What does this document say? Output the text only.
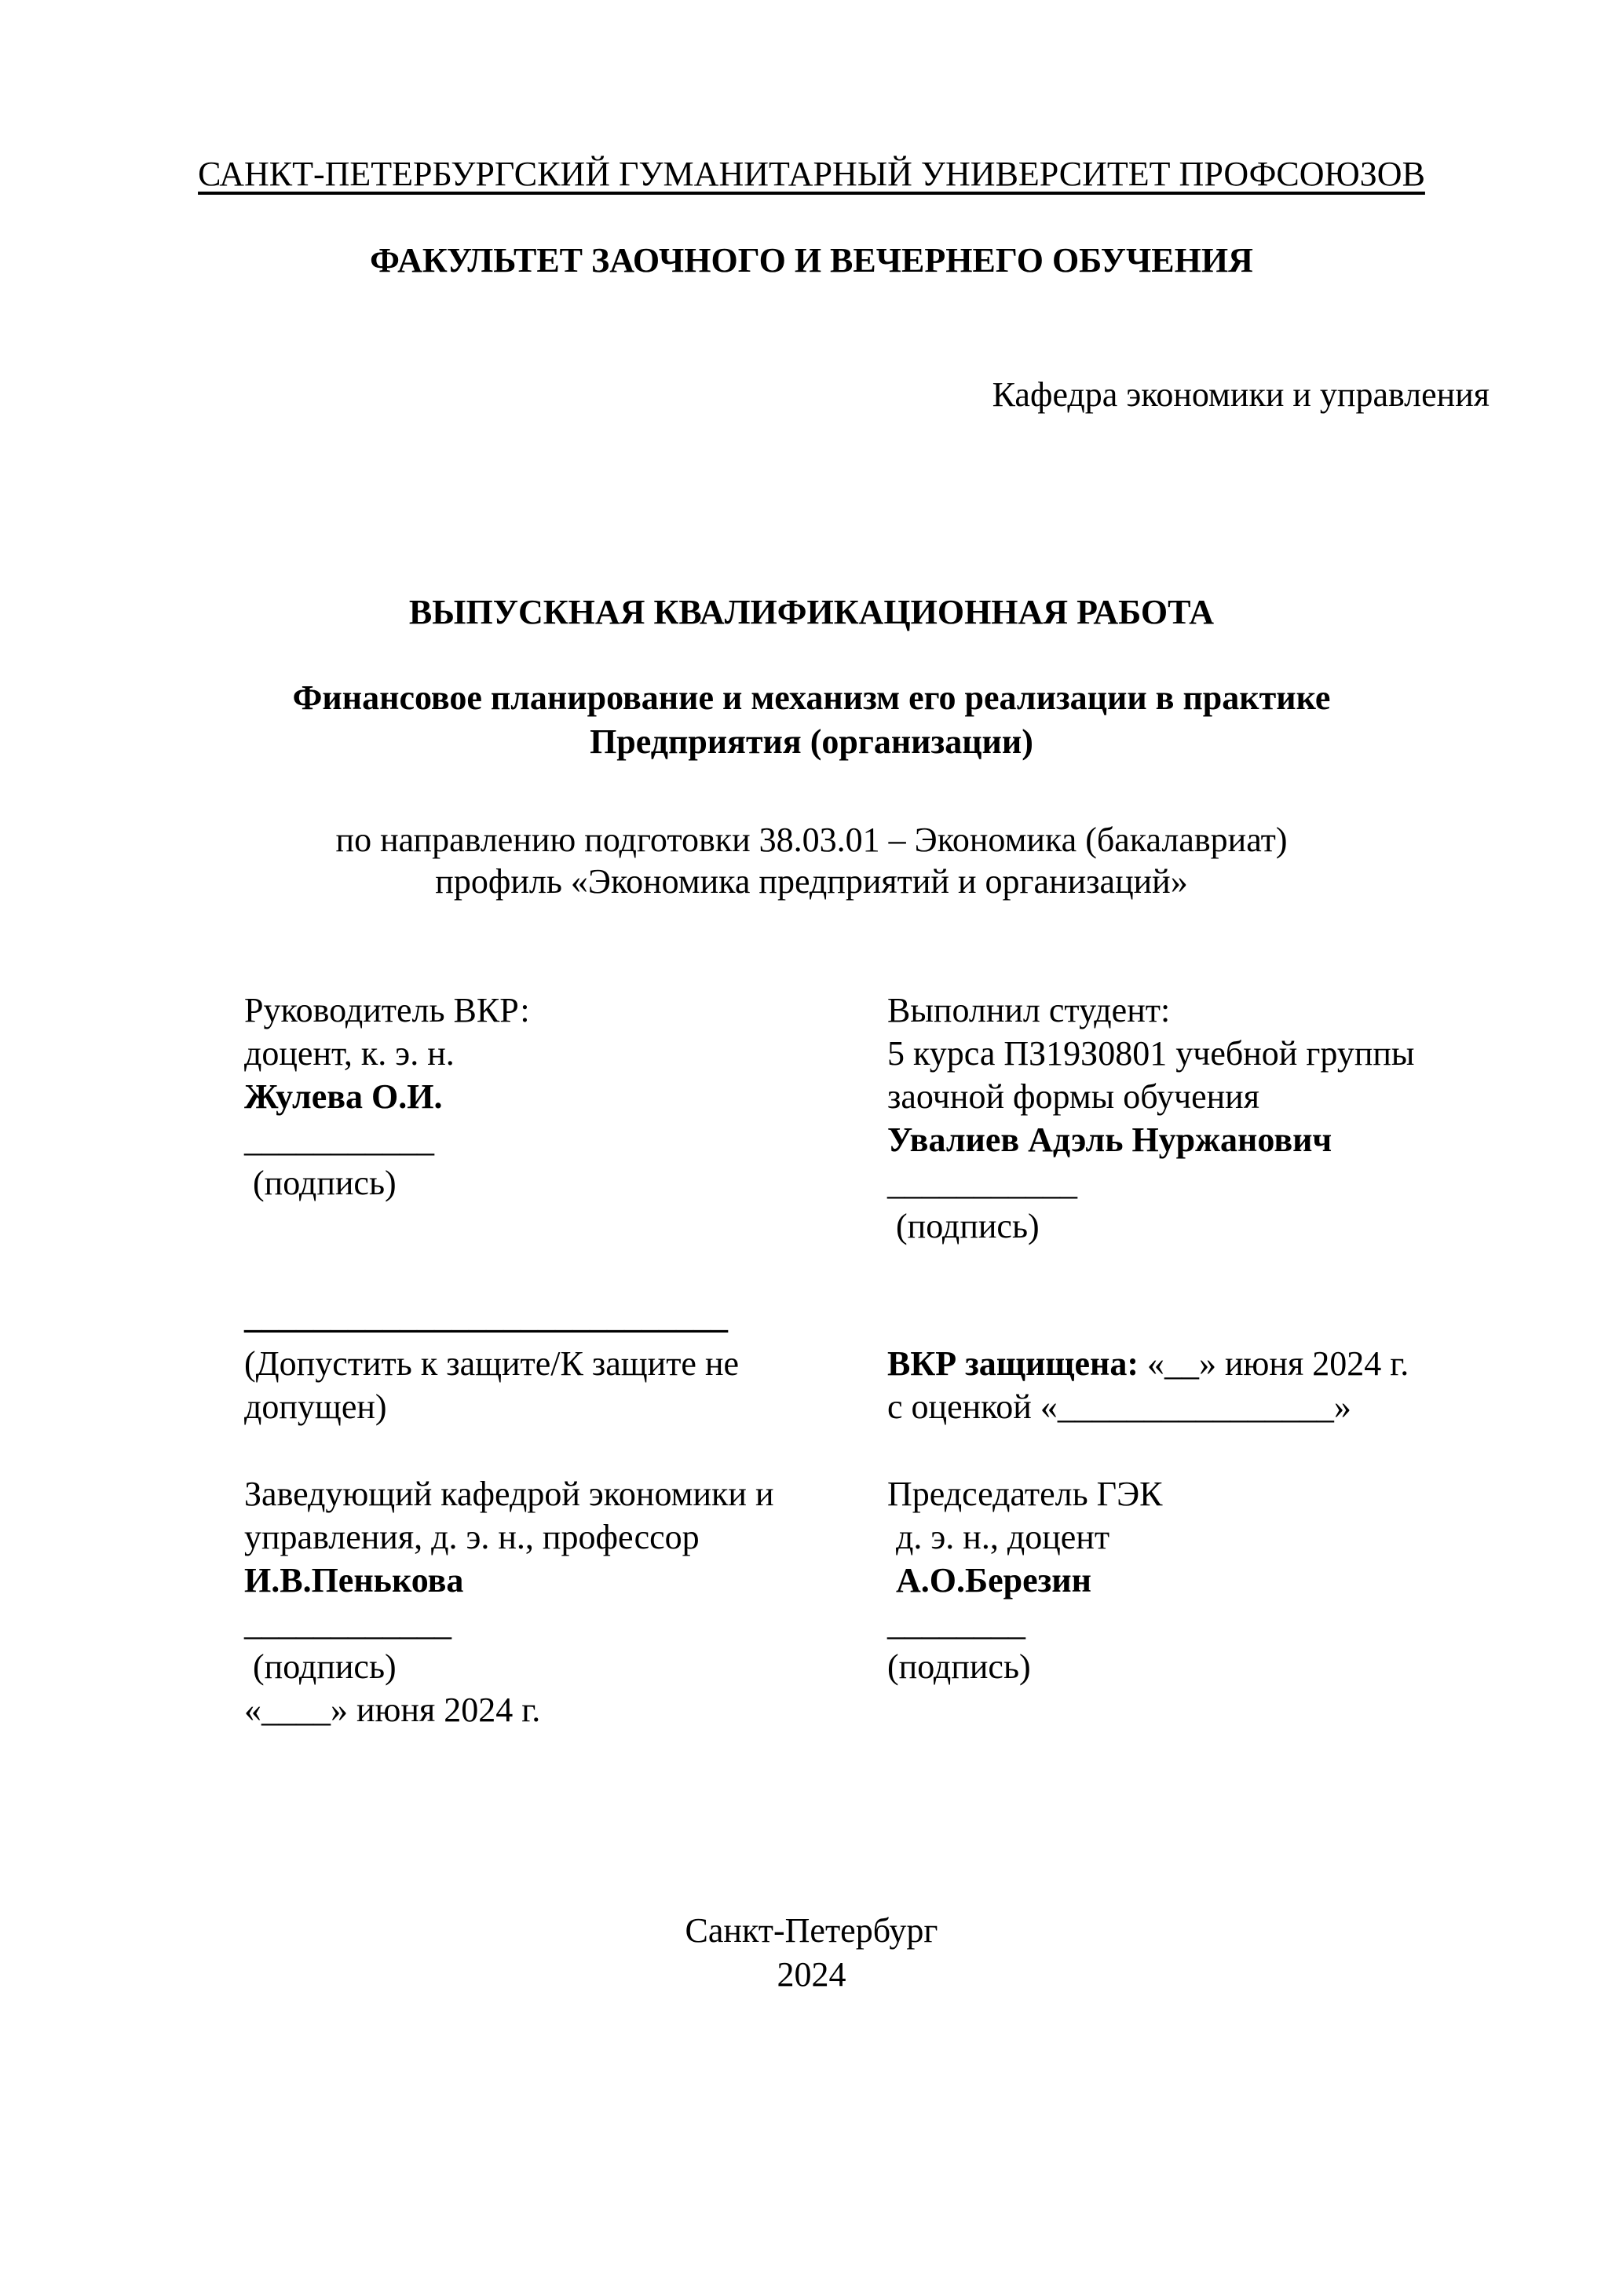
САНКТ-ПЕТЕРБУРГСКИЙ ГУМАНИТАРНЫЙ УНИВЕРСИТЕТ ПРОФСОЮЗОВ
ФАКУЛЬТЕТ ЗАОЧНОГО И ВЕЧЕРНЕГО ОБУЧЕНИЯ
Кафедра экономики и управления
ВЫПУСКНАЯ КВАЛИФИКАЦИОННАЯ РАБОТА
Финансовое планирование и механизм его реализации в практике
Предприятия (организации)
по направлению подготовки 38.03.01 – Экономика (бакалавриат)
профиль «Экономика предприятий и организаций»
Руководитель ВКР:
доцент, к. э. н.
Жулева О.И.
___________
(подпись)
Выполнил студент:
5 курса ПЗ19З0801 учебной группы
заочной формы обучения
Увалиев Адэль Нуржанович
___________
(подпись)
____________________________
(Допустить к защите/К защите не
допущен)
ВКР защищена: «__» июня 2024 г.
с оценкой «________________»
Заведующий кафедрой экономики и
управления, д. э. н., профессор
И.В.Пенькова
____________
(подпись)
«____» июня 2024 г.
Председатель ГЭК
д. э. н., доцент
А.О.Березин
________
(подпись)
Санкт-Петербург
2024
